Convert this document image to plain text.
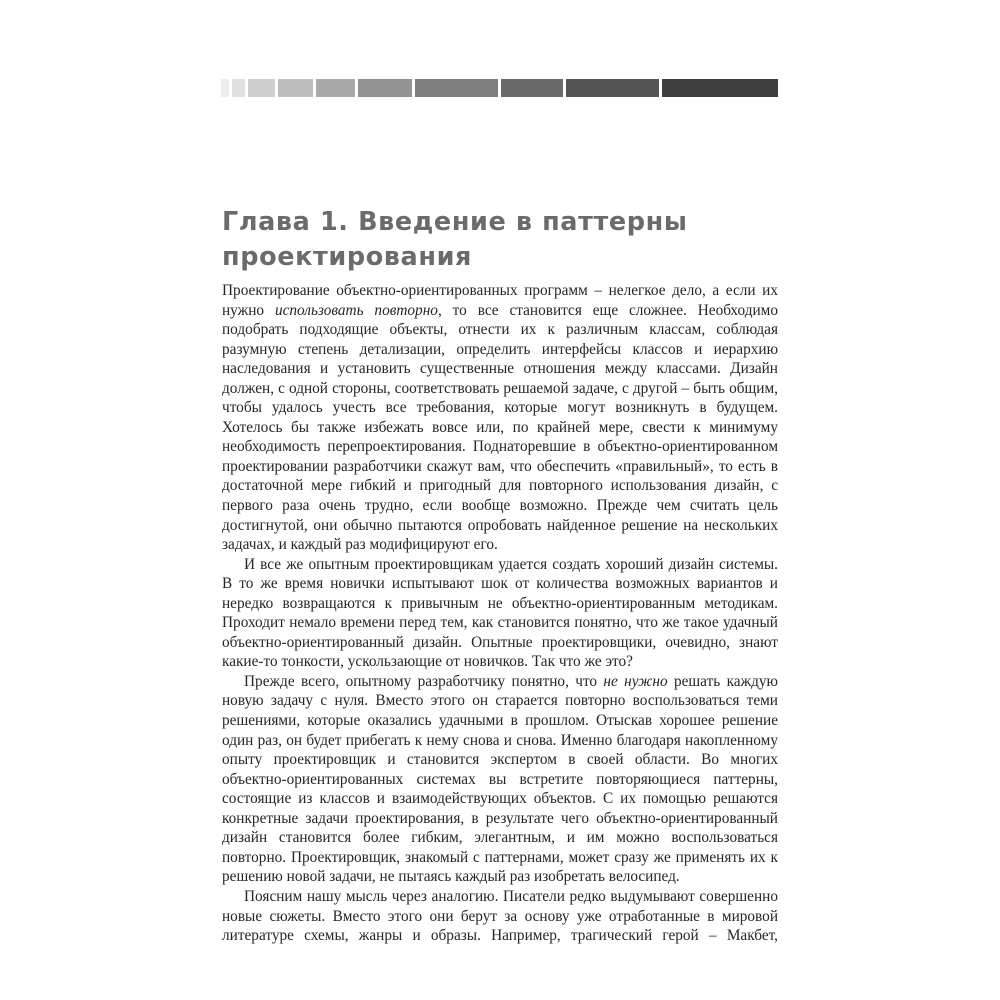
Глава 1. Введение в паттерны
проектирования

Проектирование объектно-ориентированных программ – нелегкое дело, а если их нужно использовать повторно, то все становится еще сложнее. Необходимо подобрать подходящие объекты, отнести их к различным классам, соблюдая разумную степень детализации, определить интерфейсы классов и иерархию наследования и установить существенные отношения между классами. Дизайн должен, с одной стороны, соответствовать решаемой задаче, с другой – быть общим, чтобы удалось учесть все требования, которые могут возникнуть в будущем. Хотелось бы также избежать вовсе или, по крайней мере, свести к минимуму необходимость перепроектирования. Поднаторевшие в объектно-ориентированном проектировании разработчики скажут вам, что обеспечить «правильный», то есть в достаточной мере гибкий и пригодный для повторного использования дизайн, с первого раза очень трудно, если вообще возможно. Прежде чем считать цель достигнутой, они обычно пытаются опробовать найденное решение на нескольких задачах, и каждый раз модифицируют его.

И все же опытным проектировщикам удается создать хороший дизайн системы. В то же время новички испытывают шок от количества возможных вариантов и нередко возвращаются к привычным не объектно-ориентированным методикам. Проходит немало времени перед тем, как становится понятно, что же такое удачный объектно-ориентированный дизайн. Опытные проектировщики, очевидно, знают какие-то тонкости, ускользающие от новичков. Так что же это?

Прежде всего, опытному разработчику понятно, что не нужно решать каждую новую задачу с нуля. Вместо этого он старается повторно воспользоваться теми решениями, которые оказались удачными в прошлом. Отыскав хорошее решение один раз, он будет прибегать к нему снова и снова. Именно благодаря накопленному опыту проектировщик и становится экспертом в своей области. Во многих объектно-ориентированных системах вы встретите повторяющиеся паттерны, состоящие из классов и взаимодействующих объектов. С их помощью решаются конкретные задачи проектирования, в результате чего объектно-ориентированный дизайн становится более гибким, элегантным, и им можно воспользоваться повторно. Проектировщик, знакомый с паттернами, может сразу же применять их к решению новой задачи, не пытаясь каждый раз изобретать велосипед.

Поясним нашу мысль через аналогию. Писатели редко выдумывают совершенно новые сюжеты. Вместо этого они берут за основу уже отработанные в мировой литературе схемы, жанры и образы. Например, трагический герой – Макбет,
